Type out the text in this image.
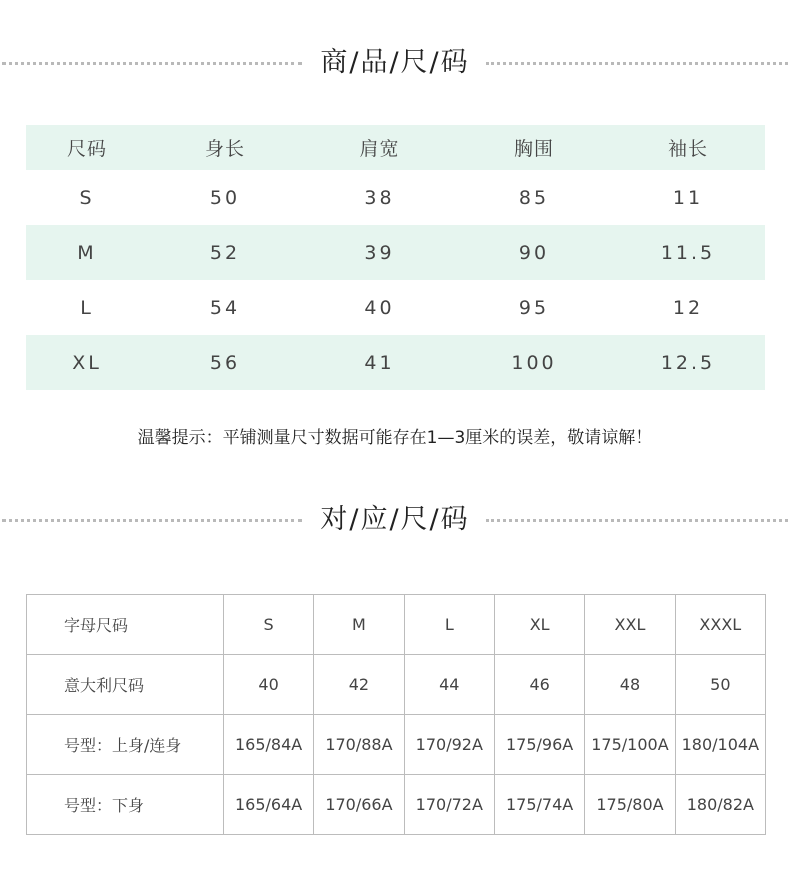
商/品/尺/码
尺码	身长	肩宽	胸围	袖长
S	50	38	85	11
M	52	39	90	11.5
L	54	40	95	12
XL	56	41	100	12.5
温馨提示：平铺测量尺寸数据可能存在1—3厘米的误差，敬请谅解！
对/应/尺/码
字母尺码	S	M	L	XL	XXL	XXXL
意大利尺码	40	42	44	46	48	50
号型：上身/连身	165/84A	170/88A	170/92A	175/96A	175/100A	180/104A
号型：下身	165/64A	170/66A	170/72A	175/74A	175/80A	180/82A
